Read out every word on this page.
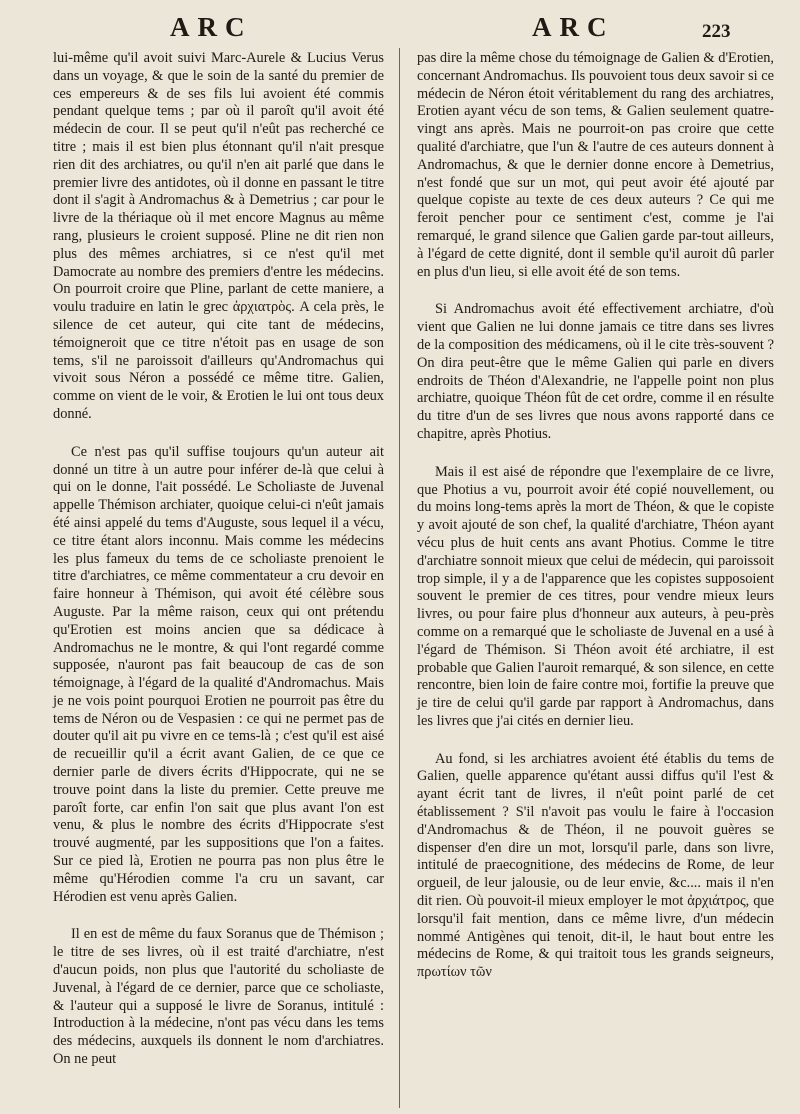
ARC	ARC	223

lui-même qu'il avoit suivi Marc-Aurele & Lucius Verus dans un voyage, & que le soin de la santé du premier de ces empereurs & de ses fils lui avoient été commis pendant quelque tems ; par où il paroît qu'il avoit été médecin de cour. Il se peut qu'il n'eût pas recherché ce titre ; mais il est bien plus étonnant qu'il n'ait presque rien dit des archiatres, ou qu'il n'en ait parlé que dans le premier livre des antidotes, où il donne en passant le titre dont il s'agit à Andromachus & à Demetrius ; car pour le livre de la thériaque où il met encore Magnus au même rang, plusieurs le croient supposé. Pline ne dit rien non plus des mêmes archiatres, si ce n'est qu'il met Damocrate au nombre des premiers d'entre les médecins. On pourroit croire que Pline, parlant de cette maniere, a voulu traduire en latin le grec ἀρχιατρὸς. A cela près, le silence de cet auteur, qui cite tant de médecins, témoigneroit que ce titre n'étoit pas en usage de son tems, s'il ne paroissoit d'ailleurs qu'Andromachus qui vivoit sous Néron a possédé ce même titre. Galien, comme on vient de le voir, & Erotien le lui ont tous deux donné.

Ce n'est pas qu'il suffise toujours qu'un auteur ait donné un titre à un autre pour inférer de-là que celui à qui on le donne, l'ait possédé. Le Scholiaste de Juvenal appelle Thémison archiater, quoique celui-ci n'eût jamais été ainsi appelé du tems d'Auguste, sous lequel il a vécu, ce titre étant alors inconnu. Mais comme les médecins les plus fameux du tems de ce scholiaste prenoient le titre d'archiatres, ce même commentateur a cru devoir en faire honneur à Thémison, qui avoit été célèbre sous Auguste. Par la même raison, ceux qui ont prétendu qu'Erotien est moins ancien que sa dédicace à Andromachus ne le montre, & qui l'ont regardé comme supposée, n'auront pas fait beaucoup de cas de son témoignage, à l'égard de la qualité d'Andromachus. Mais je ne vois point pourquoi Erotien ne pourroit pas être du tems de Néron ou de Vespasien : ce qui ne permet pas de douter qu'il ait pu vivre en ce tems-là ; c'est qu'il est aisé de recueillir qu'il a écrit avant Galien, de ce que ce dernier parle de divers écrits d'Hippocrate, qui ne se trouve point dans la liste du premier. Cette preuve me paroît forte, car enfin l'on sait que plus avant l'on est venu, & plus le nombre des écrits d'Hippocrate s'est trouvé augmenté, par les suppositions que l'on a faites. Sur ce pied là, Erotien ne pourra pas non plus être le même qu'Hérodien comme l'a cru un savant, car Hérodien est venu après Galien.

Il en est de même du faux Soranus que de Thémison ; le titre de ses livres, où il est traité d'archiatre, n'est d'aucun poids, non plus que l'autorité du scholiaste de Juvenal, à l'égard de ce dernier, parce que ce scholiaste, & l'auteur qui a supposé le livre de Soranus, intitulé : Introduction à la médecine, n'ont pas vécu dans les tems des médecins, auxquels ils donnent le nom d'archiatres. On ne peut

pas dire la même chose du témoignage de Galien & d'Erotien, concernant Andromachus. Ils pouvoient tous deux savoir si ce médecin de Néron étoit véritablement du rang des archiatres, Erotien ayant vécu de son tems, & Galien seulement quatre-vingt ans après. Mais ne pourroit-on pas croire que cette qualité d'archiatre, que l'un & l'autre de ces auteurs donnent à Andromachus, & que le dernier donne encore à Demetrius, n'est fondé que sur un mot, qui peut avoir été ajouté par quelque copiste au texte de ces deux auteurs ? Ce qui me feroit pencher pour ce sentiment c'est, comme je l'ai remarqué, le grand silence que Galien garde par-tout ailleurs, à l'égard de cette dignité, dont il semble qu'il auroit dû parler en plus d'un lieu, si elle avoit été de son tems.

Si Andromachus avoit été effectivement archiatre, d'où vient que Galien ne lui donne jamais ce titre dans ses livres de la composition des médicamens, où il le cite très-souvent ? On dira peut-être que le même Galien qui parle en divers endroits de Théon d'Alexandrie, ne l'appelle point non plus archiatre, quoique Théon fût de cet ordre, comme il en résulte du titre d'un de ses livres que nous avons rapporté dans ce chapitre, après Photius.

Mais il est aisé de répondre que l'exemplaire de ce livre, que Photius a vu, pourroit avoir été copié nouvellement, ou du moins long-tems après la mort de Théon, & que le copiste y avoit ajouté de son chef, la qualité d'archiatre, Théon ayant vécu plus de huit cents ans avant Photius. Comme le titre d'archiatre sonnoit mieux que celui de médecin, qui paroissoit trop simple, il y a de l'apparence que les copistes supposoient souvent le premier de ces titres, pour vendre mieux leurs livres, ou pour faire plus d'honneur aux auteurs, à peu-près comme on a remarqué que le scholiaste de Juvenal en a usé à l'égard de Thémison. Si Théon avoit été archiatre, il est probable que Galien l'auroit remarqué, & son silence, en cette rencontre, bien loin de faire contre moi, fortifie la preuve que je tire de celui qu'il garde par rapport à Andromachus, dans les livres que j'ai cités en dernier lieu.

Au fond, si les archiatres avoient été établis du tems de Galien, quelle apparence qu'étant aussi diffus qu'il l'est & ayant écrit tant de livres, il n'eût point parlé de cet établissement ? S'il n'avoit pas voulu le faire à l'occasion d'Andromachus & de Théon, il ne pouvoit guères se dispenser d'en dire un mot, lorsqu'il parle, dans son livre, intitulé de praecognitione, des médecins de Rome, de leur orgueil, de leur jalousie, ou de leur envie, &c.... mais il n'en dit rien. Où pouvoit-il mieux employer le mot ἀρχιάτρος, que lorsqu'il fait mention, dans ce même livre, d'un médecin nommé Antigènes qui tenoit, dit-il, le haut bout entre les médecins de Rome, & qui traitoit tous les grands seigneurs, πρωτίων τῶν
